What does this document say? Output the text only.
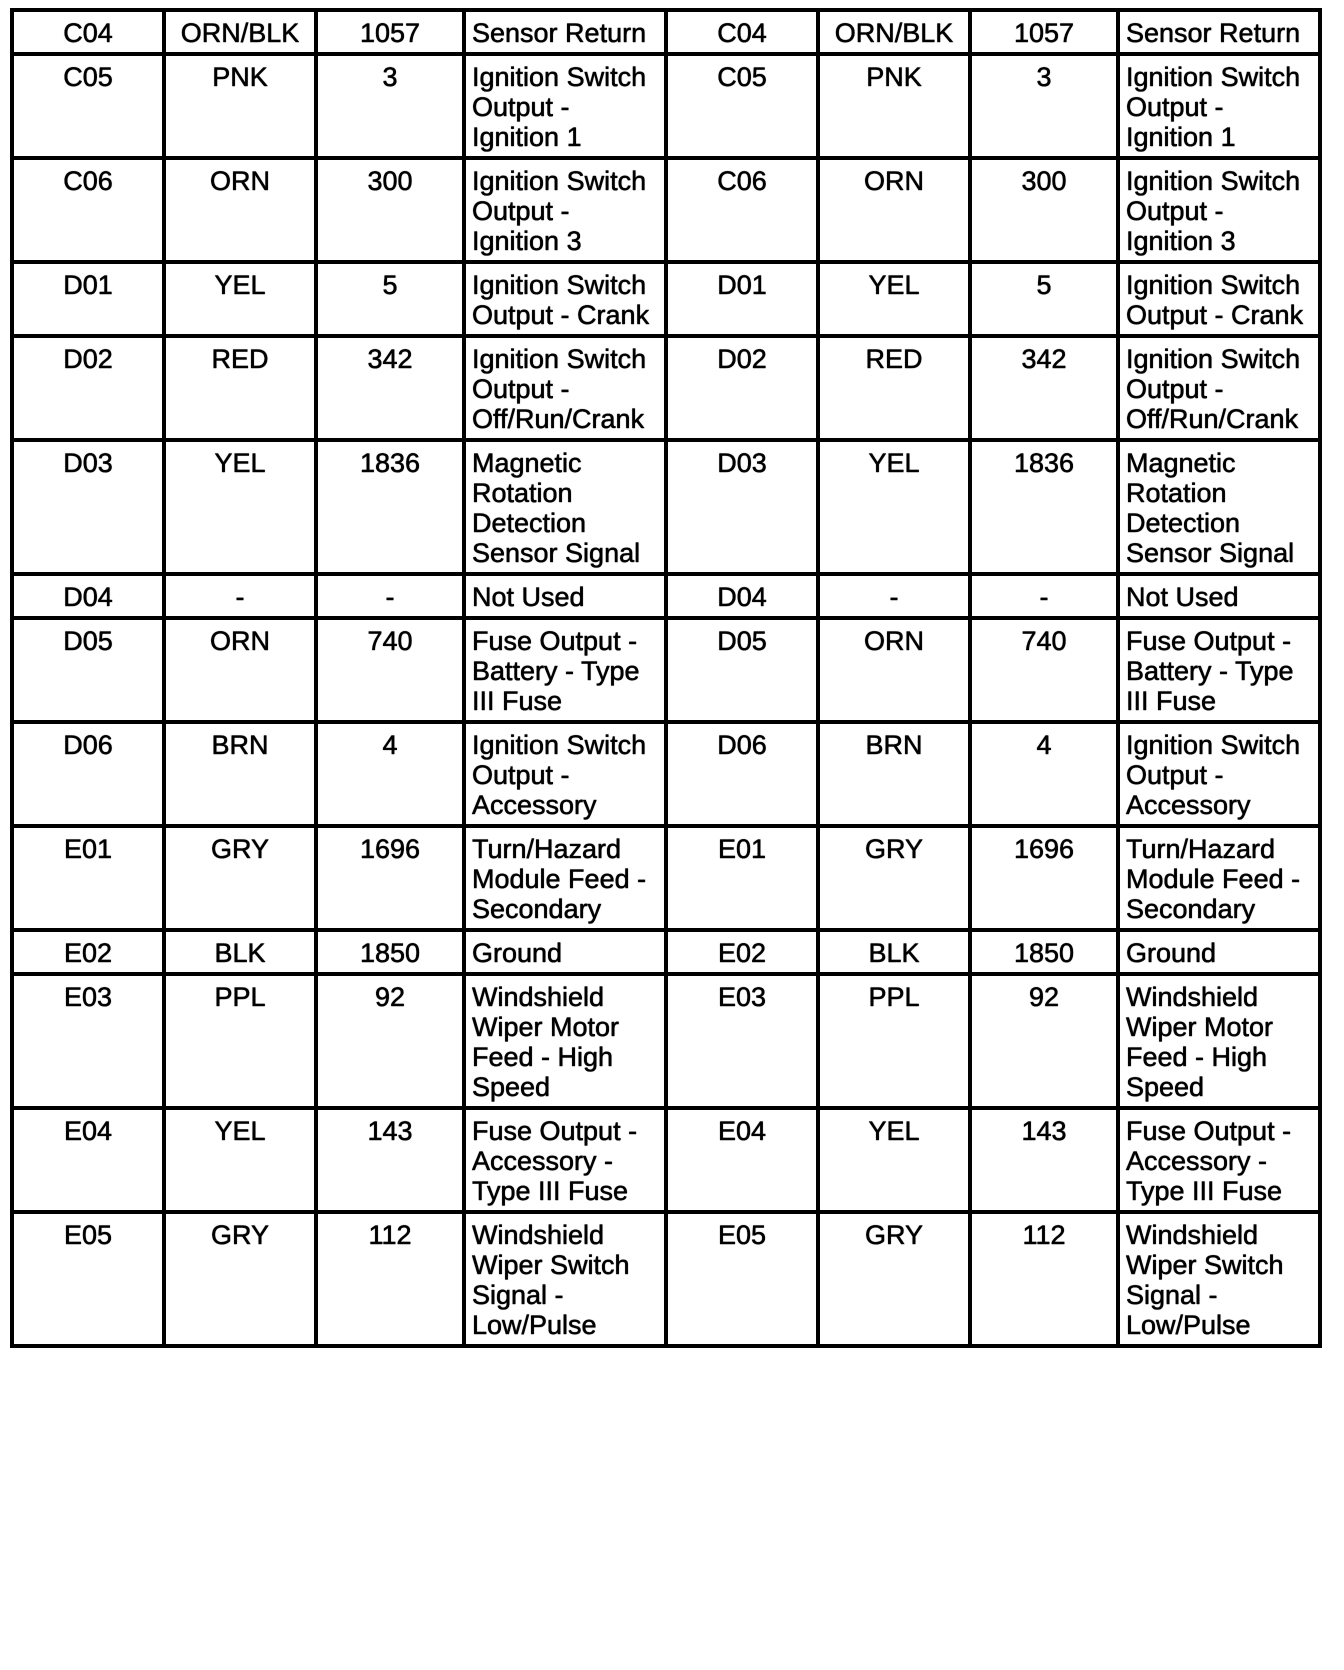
C04	ORN/BLK	1057	Sensor Return	C04	ORN/BLK	1057	Sensor Return
C05	PNK	3	Ignition Switch Output - Ignition 1	C05	PNK	3	Ignition Switch Output - Ignition 1
C06	ORN	300	Ignition Switch Output - Ignition 3	C06	ORN	300	Ignition Switch Output - Ignition 3
D01	YEL	5	Ignition Switch Output - Crank	D01	YEL	5	Ignition Switch Output - Crank
D02	RED	342	Ignition Switch Output - Off/Run/Crank	D02	RED	342	Ignition Switch Output - Off/Run/Crank
D03	YEL	1836	Magnetic Rotation Detection Sensor Signal	D03	YEL	1836	Magnetic Rotation Detection Sensor Signal
D04	-	-	Not Used	D04	-	-	Not Used
D05	ORN	740	Fuse Output - Battery - Type III Fuse	D05	ORN	740	Fuse Output - Battery - Type III Fuse
D06	BRN	4	Ignition Switch Output - Accessory	D06	BRN	4	Ignition Switch Output - Accessory
E01	GRY	1696	Turn/Hazard Module Feed - Secondary	E01	GRY	1696	Turn/Hazard Module Feed - Secondary
E02	BLK	1850	Ground	E02	BLK	1850	Ground
E03	PPL	92	Windshield Wiper Motor Feed - High Speed	E03	PPL	92	Windshield Wiper Motor Feed - High Speed
E04	YEL	143	Fuse Output - Accessory - Type III Fuse	E04	YEL	143	Fuse Output - Accessory - Type III Fuse
E05	GRY	112	Windshield Wiper Switch Signal - Low/Pulse	E05	GRY	112	Windshield Wiper Switch Signal - Low/Pulse
